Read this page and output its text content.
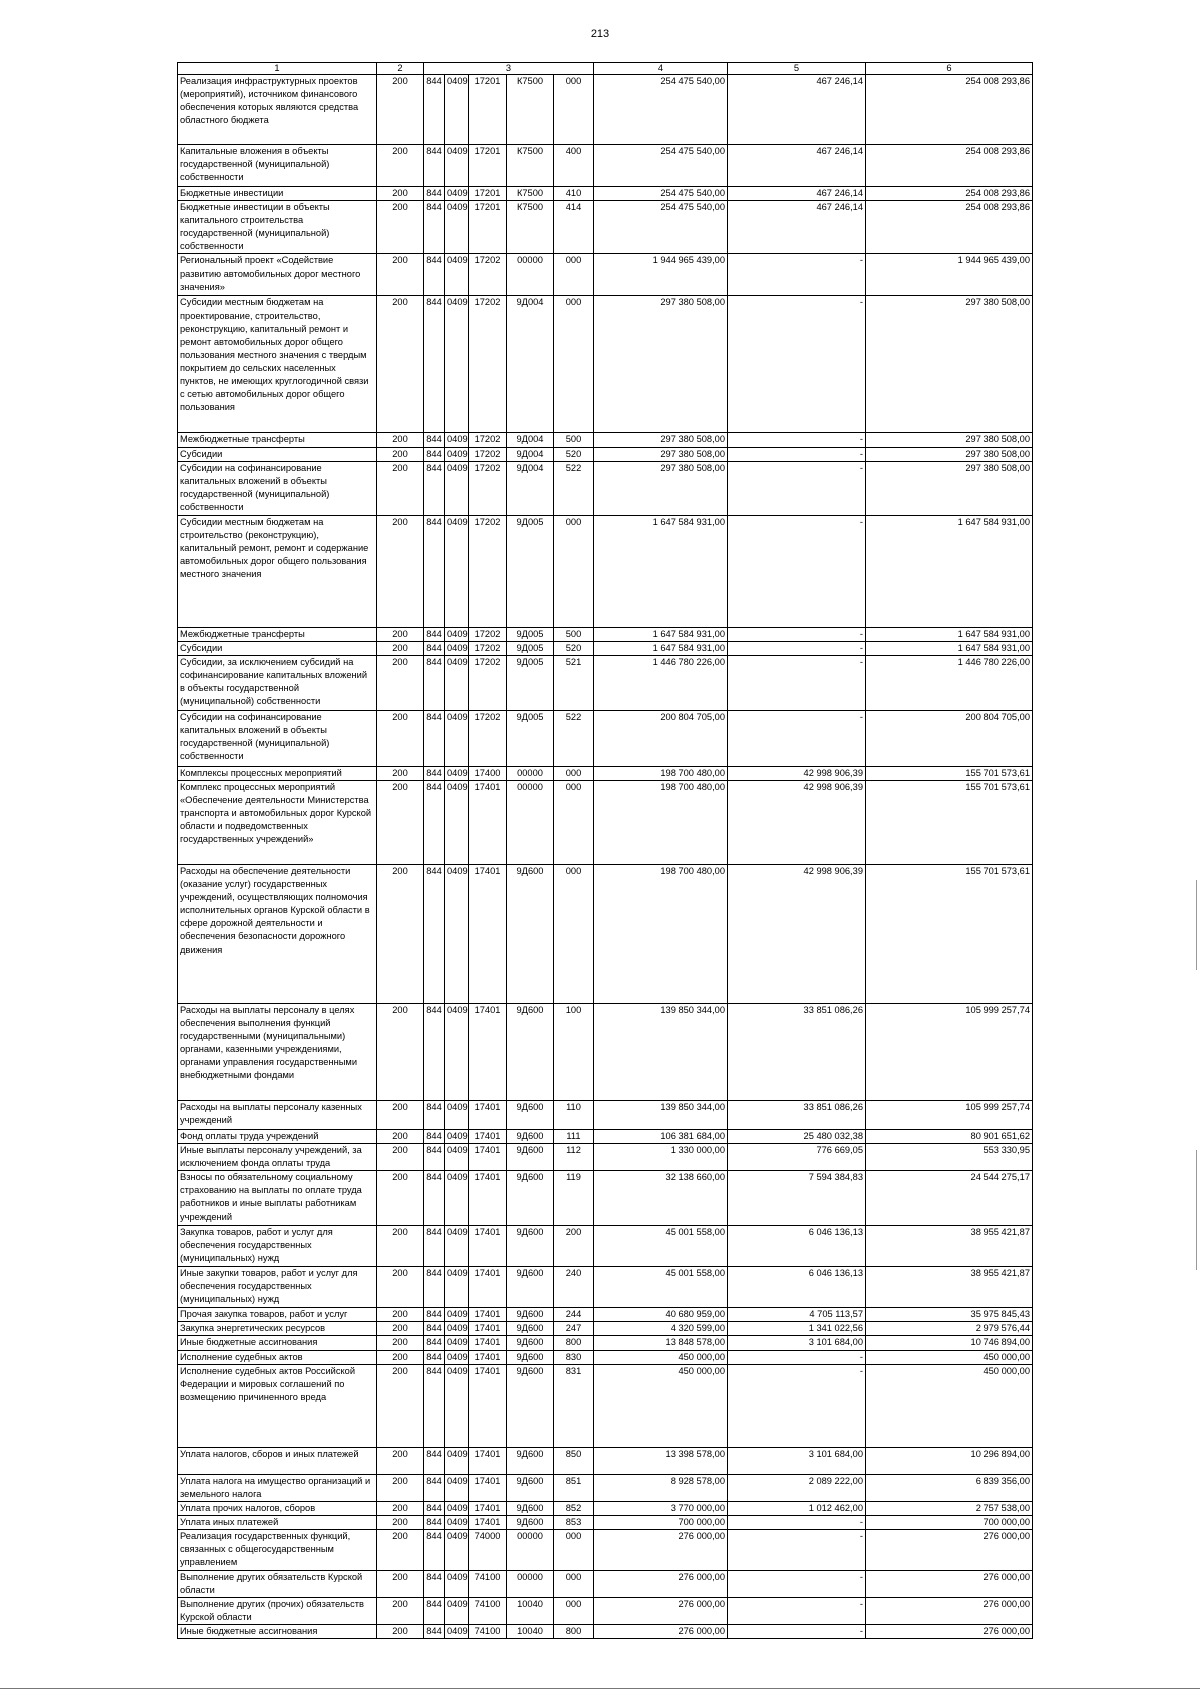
213
1	2	3					4	5	6
Реализация инфраструктурных проектов (мероприятий), источником финансового обеспечения которых являются средства областного бюджета	200	844	0409	17201	К7500	000	254 475 540,00	467 246,14	254 008 293,86
Капитальные вложения в объекты государственной (муниципальной) собственности	200	844	0409	17201	К7500	400	254 475 540,00	467 246,14	254 008 293,86
Бюджетные инвестиции	200	844	0409	17201	К7500	410	254 475 540,00	467 246,14	254 008 293,86
Бюджетные инвестиции в объекты капитального строительства государственной (муниципальной) собственности	200	844	0409	17201	К7500	414	254 475 540,00	467 246,14	254 008 293,86
Региональный проект «Содействие развитию автомобильных дорог местного значения»	200	844	0409	17202	00000	000	1 944 965 439,00	-	1 944 965 439,00
Субсидии местным бюджетам на проектирование, строительство, реконструкцию, капитальный ремонт и ремонт автомобильных дорог общего пользования местного значения с твердым покрытием до сельских населенных пунктов, не имеющих круглогодичной связи с сетью автомобильных дорог общего пользования	200	844	0409	17202	9Д004	000	297 380 508,00	-	297 380 508,00
Межбюджетные трансферты	200	844	0409	17202	9Д004	500	297 380 508,00	-	297 380 508,00
Субсидии	200	844	0409	17202	9Д004	520	297 380 508,00	-	297 380 508,00
Субсидии на софинансирование капитальных вложений в объекты государственной (муниципальной) собственности	200	844	0409	17202	9Д004	522	297 380 508,00	-	297 380 508,00
Субсидии местным бюджетам на строительство (реконструкцию), капитальный ремонт, ремонт и содержание автомобильных дорог общего пользования местного значения	200	844	0409	17202	9Д005	000	1 647 584 931,00	-	1 647 584 931,00
Межбюджетные трансферты	200	844	0409	17202	9Д005	500	1 647 584 931,00	-	1 647 584 931,00
Субсидии	200	844	0409	17202	9Д005	520	1 647 584 931,00	-	1 647 584 931,00
Субсидии, за исключением субсидий на софинансирование капитальных вложений в объекты государственной (муниципальной) собственности	200	844	0409	17202	9Д005	521	1 446 780 226,00	-	1 446 780 226,00
Субсидии на софинансирование капитальных вложений в объекты государственной (муниципальной) собственности	200	844	0409	17202	9Д005	522	200 804 705,00	-	200 804 705,00
Комплексы процессных мероприятий	200	844	0409	17400	00000	000	198 700 480,00	42 998 906,39	155 701 573,61
Комплекс процессных мероприятий «Обеспечение деятельности Министерства транспорта и автомобильных дорог Курской области и подведомственных государственных учреждений»	200	844	0409	17401	00000	000	198 700 480,00	42 998 906,39	155 701 573,61
Расходы на обеспечение деятельности (оказание услуг) государственных учреждений, осуществляющих полномочия исполнительных органов Курской области в сфере дорожной деятельности и обеспечения безопасности дорожного движения	200	844	0409	17401	9Д600	000	198 700 480,00	42 998 906,39	155 701 573,61
Расходы на выплаты персоналу в целях обеспечения выполнения функций государственными (муниципальными) органами, казенными учреждениями, органами управления государственными внебюджетными фондами	200	844	0409	17401	9Д600	100	139 850 344,00	33 851 086,26	105 999 257,74
Расходы на выплаты персоналу казенных учреждений	200	844	0409	17401	9Д600	110	139 850 344,00	33 851 086,26	105 999 257,74
Фонд оплаты труда учреждений	200	844	0409	17401	9Д600	111	106 381 684,00	25 480 032,38	80 901 651,62
Иные выплаты персоналу учреждений, за исключением фонда оплаты труда	200	844	0409	17401	9Д600	112	1 330 000,00	776 669,05	553 330,95
Взносы по обязательному социальному страхованию на выплаты по оплате труда работников и иные выплаты работникам учреждений	200	844	0409	17401	9Д600	119	32 138 660,00	7 594 384,83	24 544 275,17
Закупка товаров, работ и услуг для обеспечения государственных (муниципальных) нужд	200	844	0409	17401	9Д600	200	45 001 558,00	6 046 136,13	38 955 421,87
Иные закупки товаров, работ и услуг для обеспечения государственных (муниципальных) нужд	200	844	0409	17401	9Д600	240	45 001 558,00	6 046 136,13	38 955 421,87
Прочая закупка товаров, работ и услуг	200	844	0409	17401	9Д600	244	40 680 959,00	4 705 113,57	35 975 845,43
Закупка энергетических ресурсов	200	844	0409	17401	9Д600	247	4 320 599,00	1 341 022,56	2 979 576,44
Иные бюджетные ассигнования	200	844	0409	17401	9Д600	800	13 848 578,00	3 101 684,00	10 746 894,00
Исполнение судебных актов	200	844	0409	17401	9Д600	830	450 000,00	-	450 000,00
Исполнение судебных актов Российской Федерации и мировых соглашений по возмещению причиненного вреда	200	844	0409	17401	9Д600	831	450 000,00	-	450 000,00
Уплата налогов, сборов и иных платежей	200	844	0409	17401	9Д600	850	13 398 578,00	3 101 684,00	10 296 894,00
Уплата налога на имущество организаций и земельного налога	200	844	0409	17401	9Д600	851	8 928 578,00	2 089 222,00	6 839 356,00
Уплата прочих налогов, сборов	200	844	0409	17401	9Д600	852	3 770 000,00	1 012 462,00	2 757 538,00
Уплата иных платежей	200	844	0409	17401	9Д600	853	700 000,00	-	700 000,00
Реализация государственных функций, связанных с общегосударственным управлением	200	844	0409	74000	00000	000	276 000,00	-	276 000,00
Выполнение других обязательств Курской области	200	844	0409	74100	00000	000	276 000,00	-	276 000,00
Выполнение других (прочих) обязательств Курской области	200	844	0409	74100	10040	000	276 000,00	-	276 000,00
Иные бюджетные ассигнования	200	844	0409	74100	10040	800	276 000,00	-	276 000,00
